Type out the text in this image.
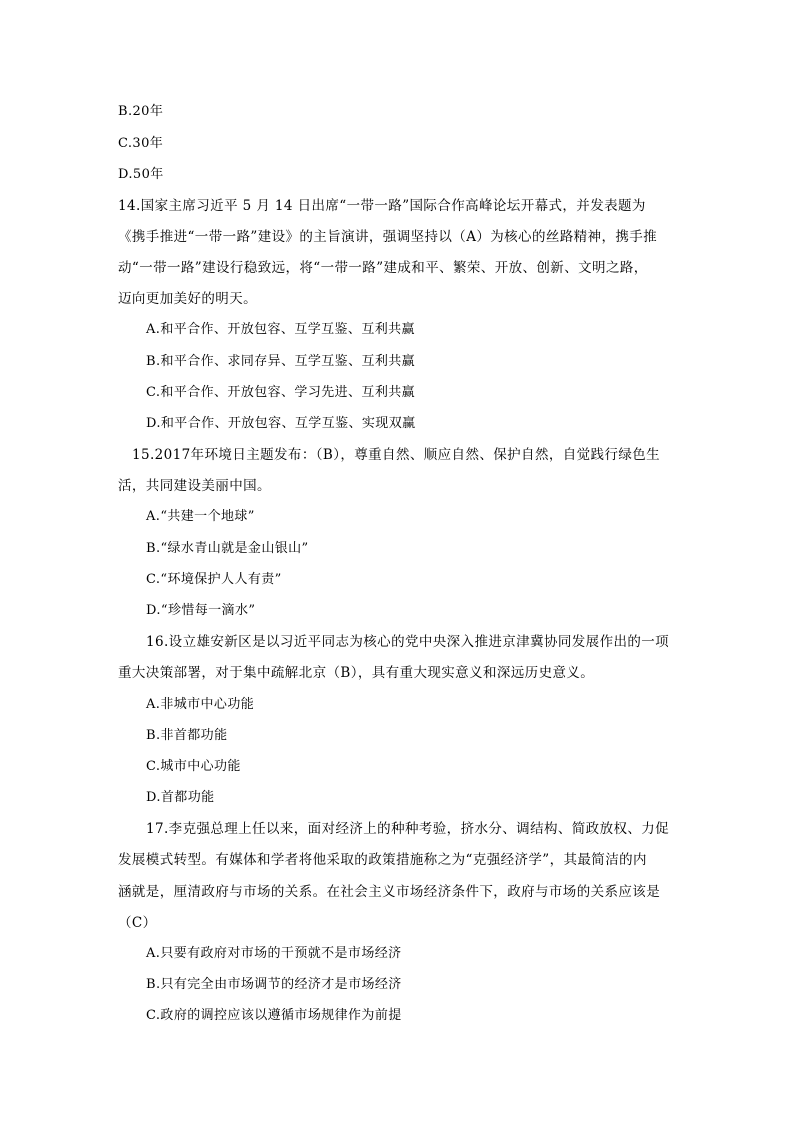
B.20年
C.30年
D.50年
14.国家主席习近平 5 月 14 日出席“一带一路”国际合作高峰论坛开幕式，并发表题为
《携手推进“一带一路”建设》的主旨演讲，强调坚持以（A）为核心的丝路精神，携手推
动“一带一路”建设行稳致远，将“一带一路”建成和平、繁荣、开放、创新、文明之路，
迈向更加美好的明天。
A.和平合作、开放包容、互学互鉴、互利共赢
B.和平合作、求同存异、互学互鉴、互利共赢
C.和平合作、开放包容、学习先进、互利共赢
D.和平合作、开放包容、互学互鉴、实现双赢
15.2017年环境日主题发布：（B），尊重自然、顺应自然、保护自然，自觉践行绿色生
活，共同建设美丽中国。
A.“共建一个地球”
B.“绿水青山就是金山银山”
C.“环境保护人人有责”
D.“珍惜每一滴水”
16.设立雄安新区是以习近平同志为核心的党中央深入推进京津冀协同发展作出的一项
重大决策部署，对于集中疏解北京（B），具有重大现实意义和深远历史意义。
A.非城市中心功能
B.非首都功能
C.城市中心功能
D.首都功能
17.李克强总理上任以来，面对经济上的种种考验，挤水分、调结构、简政放权、力促
发展模式转型。有媒体和学者将他采取的政策措施称之为“克强经济学”，其最简洁的内
涵就是，厘清政府与市场的关系。在社会主义市场经济条件下，政府与市场的关系应该是
（C）
A.只要有政府对市场的干预就不是市场经济
B.只有完全由市场调节的经济才是市场经济
C.政府的调控应该以遵循市场规律作为前提
